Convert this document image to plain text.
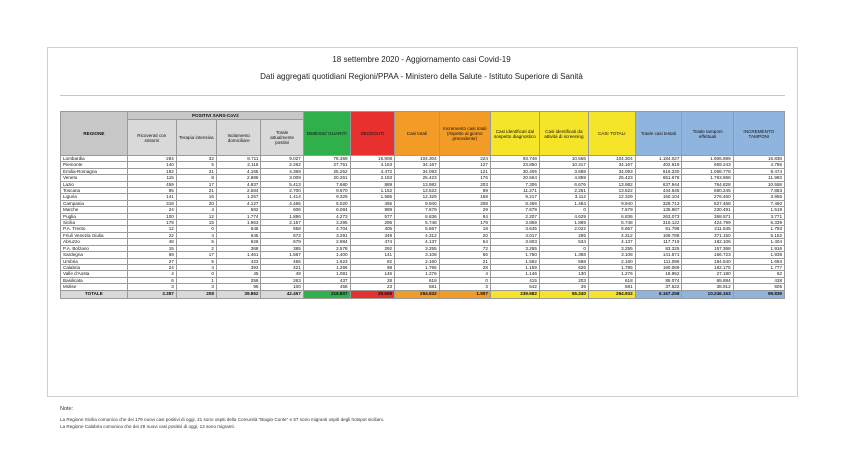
18 settembre 2020 - Aggiornamento casi Covid-19
Dati aggregati quotidiani Regioni/PPAA - Ministero della Salute - Istituto Superiore di Sanità
REGIONE	POSITIVI SARS-CoV2				DIMESSI/ GUARITI	DECEDUTI	Casi totali	Incremento casi totali (rispetto al giorno precedente)	Casi identificati dal sospetto diagnostico	Casi identificati da attività di screening	CASI TOTALI	Totale casi testati	Totale tamponi effettuati	INCREMENTO TAMPONI
	Ricoverati con sintomi	Terapia intensiva	Isolamento domiciliare	Totale attualmente positivi										
Lombardia	284	32	8.711	9.027	78.369	16.908	104.304	224	93.748	10.556	104.304	1.184.027	1.906.889	16.838
Piemonte	140	5	2.116	2.262	27.751	4.153	34.167	127	23.850	10.317	34.167	402.619	659.243	4.786
Emilia-Romagna	182	21	4.166	4.369	25.252	4.472	34.093	121	30.405	3.688	34.093	616.330	1.068.778	9.474
Veneto	115	8	2.886	3.009	20.261	2.153	25.423	176	20.564	4.859	25.423	651.678	1.763.868	11.983
Lazio	459	17	4.937	5.413	7.680	889	13.982	203	7.306	6.676	13.982	637.944	764.828	10.558
Toscana	95	21	2.584	2.700	9.670	1.152	13.522	89	11.271	2.251	13.522	444.645	660.245	7.883
Liguria	141	16	1.257	1.414	9.329	1.586	12.329	158	9.217	3.112	12.329	150.104	276.460	3.955
Campania	318	20	4.127	4.465	5.020	455	9.940	208	8.456	1.484	9.940	328.713	527.468	7.460
Marche	24	4	582	606	6.084	989	7.679	29	7.679	0	7.679	135.887	230.491	1.519
Puglia	100	12	1.774	1.886	4.273	577	6.836	84	2.207	4.629	6.836	263.073	368.571	3.771
Sicilia	179	15	1.963	2.157	3.295	296	5.748	179	3.859	1.889	5.748	316.122	424.799	6.339
P.A. Trento	12	0	546	558	4.704	405	5.667	18	3.645	2.022	5.667	91.798	211.645	1.793
Friuli Venezia Giulia	22	4	646	672	3.291	349	4.312	20	4.017	295	4.312	169.788	371.150	5.152
Abruzzo	48	5	626	679	2.984	474	4.137	54	3.603	534	4.137	117.719	182.106	1.404
P.A. Bolzano	15	2	368	385	2.578	292	3.255	72	3.255	0	3.255	83.325	157.368	1.916
Sardegna	89	17	1.461	1.567	1.400	141	3.108	86	1.750	1.358	3.108	141.571	166.723	1.938
Umbria	27	5	423	455	1.623	82	2.160	21	1.592	568	2.160	111.096	184.540	1.694
Calabria	24	4	393	421	1.266	98	1.785	28	1.159	626	1.785	180.069	182.175	1.777
Valle d'Aosta	4	0	45	49	1.081	146	1.276	4	1.146	130	1.276	18.952	27.180	62
Basilicata	6	1	256	263	437	28	618	0	415	203	618	85.074	65.884	438
Molise	3	3	96	100	458	23	581	3	542	39	581	37.522	38.912	505
TOTALE	2.387	208	39.862	42.457	216.807	35.668	294.932	1.907	239.682	55.240	294.932	6.167.258	10.246.163	99.839
Note:
La Regione Sicilia comunica che dei 179 nuovi casi positivi di oggi, 21 sono ospiti della Comunità "Biagio Conte" e 57 sono migranti ospiti degli hotspot siciliani.
La Regione Calabria comunica che dei 28 nuovi casi positivi di oggi, 12 sono migranti.
